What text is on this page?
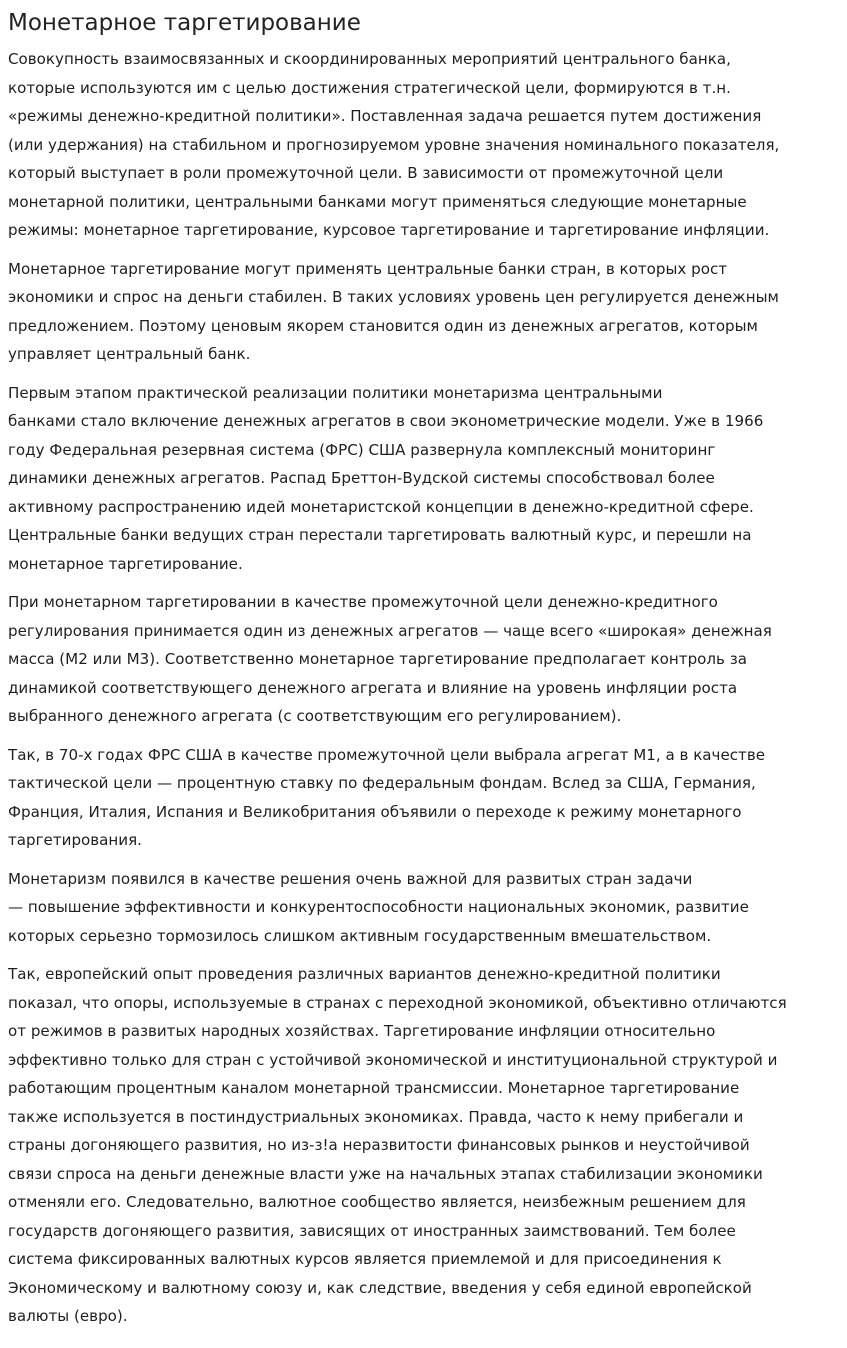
Монетарное таргетирование

Совокупность взаимосвязанных и скоординированных мероприятий центрального банка,
которые используются им с целью достижения стратегической цели, формируются в т.н.
«режимы денежно-кредитной политики». Поставленная задача решается путем достижения
(или удержания) на стабильном и прогнозируемом уровне значения номинального показателя,
который выступает в роли промежуточной цели. В зависимости от промежуточной цели
монетарной политики, центральными банками могут применяться следующие монетарные
режимы: монетарное таргетирование, курсовое таргетирование и таргетирование инфляции.

Монетарное таргетирование могут применять центральные банки стран, в которых рост
экономики и спрос на деньги стабилен. В таких условиях уровень цен регулируется денежным
предложением. Поэтому ценовым якорем становится один из денежных агрегатов, которым
управляет центральный банк.

Первым этапом практической реализации политики монетаризма центральными
банками стало включение денежных агрегатов в свои эконометрические модели. Уже в 1966
году Федеральная резервная система (ФРС) США развернула комплексный мониторинг
динамики денежных агрегатов. Распад Бреттон-Вудской системы способствовал более
активному распространению идей монетаристской концепции в денежно-кредитной сфере.
Центральные банки ведущих стран перестали таргетировать валютный курс, и перешли на
монетарное таргетирование.

При монетарном таргетировании в качестве промежуточной цели денежно-кредитного
регулирования принимается один из денежных агрегатов — чаще всего «широкая» денежная
масса (М2 или М3). Соответственно монетарное таргетирование предполагает контроль за
динамикой соответствующего денежного агрегата и влияние на уровень инфляции роста
выбранного денежного агрегата (с соответствующим его регулированием).

Так, в 70-х годах ФРС США в качестве промежуточной цели выбрала агрегат М1, а в качестве
тактической цели — процентную ставку по федеральным фондам. Вслед за США, Германия,
Франция, Италия, Испания и Великобритания объявили о переходе к режиму монетарного
таргетирования.

Монетаризм появился в качестве решения очень важной для развитых стран задачи
— повышение эффективности и конкурентоспособности национальных экономик, развитие
которых серьезно тормозилось слишком активным государственным вмешательством.

Так, европейский опыт проведения различных вариантов денежно-кредитной политики
показал, что опоры, используемые в странах с переходной экономикой, объективно отличаются
от режимов в развитых народных хозяйствах. Таргетирование инфляции относительно
эффективно только для стран с устойчивой экономической и институциональной структурой и
работающим процентным каналом монетарной трансмиссии. Монетарное таргетирование
также используется в постиндустриальных экономиках. Правда, часто к нему прибегали и
страны догоняющего развития, но из-з!а неразвитости финансовых рынков и неустойчивой
связи спроса на деньги денежные власти уже на начальных этапах стабилизации экономики
отменяли его. Следовательно, валютное сообщество является, неизбежным решением для
государств догоняющего развития, зависящих от иностранных заимствований. Тем более
система фиксированных валютных курсов является приемлемой и для присоединения к
Экономическому и валютному союзу и, как следствие, введения у себя единой европейской
валюты (евро).
